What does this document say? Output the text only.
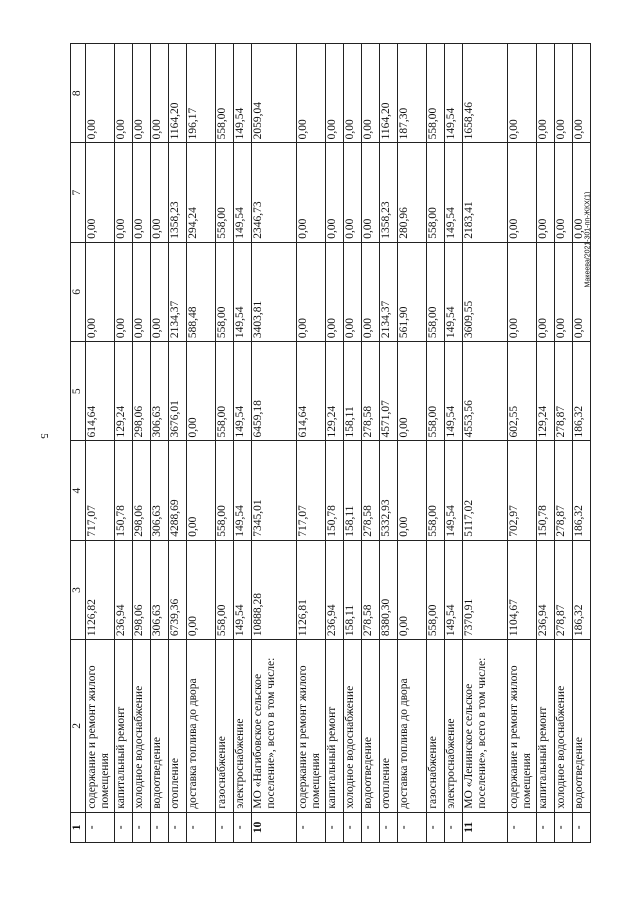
5
Макеева/2021-301-пп-ЖКХ(1)
1	2	3	4	5	6	7	8
-	содержание и ремонт жилого помещения	1126,82	717,07	614,64	0,00	0,00	0,00
-	капитальный ремонт	236,94	150,78	129,24	0,00	0,00	0,00
-	холодное водоснабжение	298,06	298,06	298,06	0,00	0,00	0,00
-	водоотведение	306,63	306,63	306,63	0,00	0,00	0,00
-	отопление	6739,36	4288,69	3676,01	2134,37	1358,23	1164,20
-	доставка топлива до двора	0,00	0,00	0,00	588,48	294,24	196,17
-	газоснабжение	558,00	558,00	558,00	558,00	558,00	558,00
-	электроснабжение	149,54	149,54	149,54	149,54	149,54	149,54
10	МО «Нагибовское сельское поселение», всего в том числе:	10888,28	7345,01	6459,18	3403,81	2346,73	2059,04
-	содержание и ремонт жилого помещения	1126,81	717,07	614,64	0,00	0,00	0,00
-	капитальный ремонт	236,94	150,78	129,24	0,00	0,00	0,00
-	холодное водоснабжение	158,11	158,11	158,11	0,00	0,00	0,00
-	водоотведение	278,58	278,58	278,58	0,00	0,00	0,00
-	отопление	8380,30	5332,93	4571,07	2134,37	1358,23	1164,20
-	доставка топлива до двора	0,00	0,00	0,00	561,90	280,96	187,30
-	газоснабжение	558,00	558,00	558,00	558,00	558,00	558,00
-	электроснабжение	149,54	149,54	149,54	149,54	149,54	149,54
11	МО «Ленинское сельское поселение», всего в том числе:	7370,91	5117,02	4553,56	3609,55	2183,41	1658,46
-	содержание и ремонт жилого помещения	1104,67	702,97	602,55	0,00	0,00	0,00
-	капитальный ремонт	236,94	150,78	129,24	0,00	0,00	0,00
-	холодное водоснабжение	278,87	278,87	278,87	0,00	0,00	0,00
-	водоотведение	186,32	186,32	186,32	0,00	0,00	0,00
